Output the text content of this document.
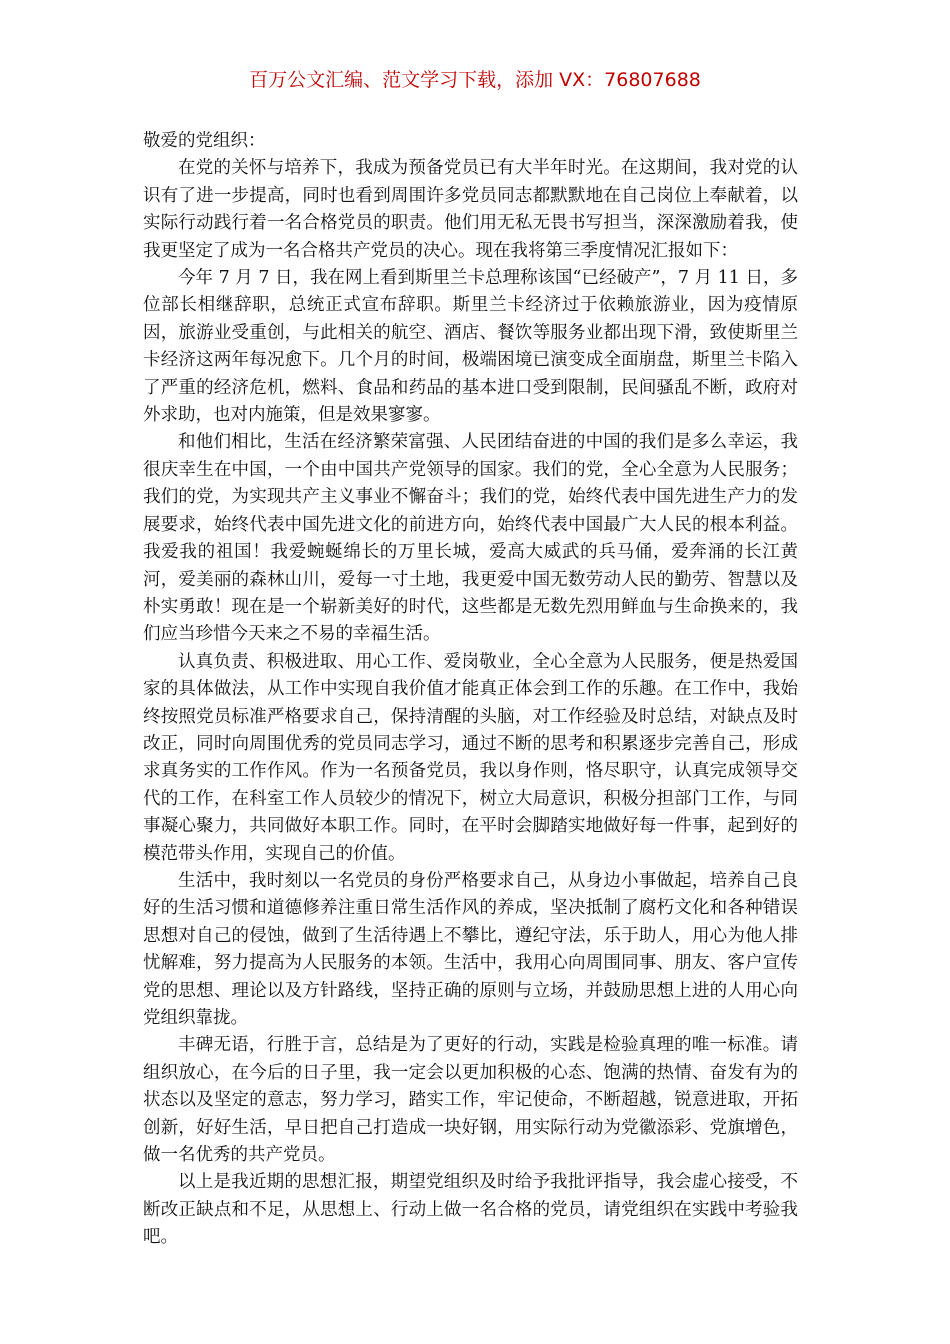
百万公文汇编、范文学习下载，添加 VX：76807688

敬爱的党组织：

在党的关怀与培养下，我成为预备党员已有大半年时光。在这期间，我对党的认识有了进一步提高，同时也看到周围许多党员同志都默默地在自己岗位上奉献着，以实际行动践行着一名合格党员的职责。他们用无私无畏书写担当，深深激励着我，使我更坚定了成为一名合格共产党员的决心。现在我将第三季度情况汇报如下：

今年 7 月 7 日，我在网上看到斯里兰卡总理称该国“已经破产”，7 月 11 日，多位部长相继辞职，总统正式宣布辞职。斯里兰卡经济过于依赖旅游业，因为疫情原因，旅游业受重创，与此相关的航空、酒店、餐饮等服务业都出现下滑，致使斯里兰卡经济这两年每况愈下。几个月的时间，极端困境已演变成全面崩盘，斯里兰卡陷入了严重的经济危机，燃料、食品和药品的基本进口受到限制，民间骚乱不断，政府对外求助，也对内施策，但是效果寥寥。

和他们相比，生活在经济繁荣富强、人民团结奋进的中国的我们是多么幸运，我很庆幸生在中国，一个由中国共产党领导的国家。我们的党，全心全意为人民服务；我们的党，为实现共产主义事业不懈奋斗；我们的党，始终代表中国先进生产力的发展要求，始终代表中国先进文化的前进方向，始终代表中国最广大人民的根本利益。我爱我的祖国！我爱蜿蜒绵长的万里长城，爱高大威武的兵马俑，爱奔涌的长江黄河，爱美丽的森林山川，爱每一寸土地，我更爱中国无数劳动人民的勤劳、智慧以及朴实勇敢！现在是一个崭新美好的时代，这些都是无数先烈用鲜血与生命换来的，我们应当珍惜今天来之不易的幸福生活。

认真负责、积极进取、用心工作、爱岗敬业，全心全意为人民服务，便是热爱国家的具体做法，从工作中实现自我价值才能真正体会到工作的乐趣。在工作中，我始终按照党员标准严格要求自己，保持清醒的头脑，对工作经验及时总结，对缺点及时改正，同时向周围优秀的党员同志学习，通过不断的思考和积累逐步完善自己，形成求真务实的工作作风。作为一名预备党员，我以身作则，恪尽职守，认真完成领导交代的工作，在科室工作人员较少的情况下，树立大局意识，积极分担部门工作，与同事凝心聚力，共同做好本职工作。同时，在平时会脚踏实地做好每一件事，起到好的模范带头作用，实现自己的价值。

生活中，我时刻以一名党员的身份严格要求自己，从身边小事做起，培养自己良好的生活习惯和道德修养注重日常生活作风的养成，坚决抵制了腐朽文化和各种错误思想对自己的侵蚀，做到了生活待遇上不攀比，遵纪守法，乐于助人，用心为他人排忧解难，努力提高为人民服务的本领。生活中，我用心向周围同事、朋友、客户宣传党的思想、理论以及方针路线，坚持正确的原则与立场，并鼓励思想上进的人用心向党组织靠拢。

丰碑无语，行胜于言，总结是为了更好的行动，实践是检验真理的唯一标准。请组织放心，在今后的日子里，我一定会以更加积极的心态、饱满的热情、奋发有为的状态以及坚定的意志，努力学习，踏实工作，牢记使命，不断超越，锐意进取，开拓创新，好好生活，早日把自己打造成一块好钢，用实际行动为党徽添彩、党旗增色，做一名优秀的共产党员。

以上是我近期的思想汇报，期望党组织及时给予我批评指导，我会虚心接受，不断改正缺点和不足，从思想上、行动上做一名合格的党员，请党组织在实践中考验我吧。
